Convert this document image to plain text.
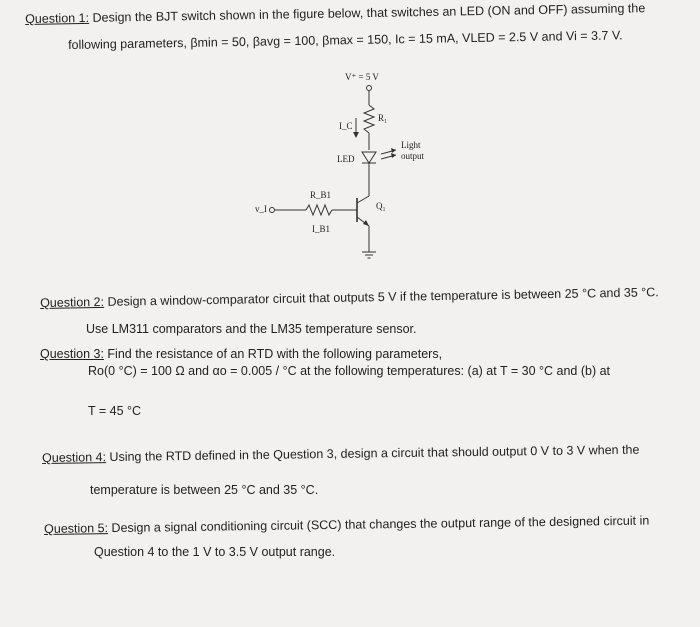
Question 1: Design the BJT switch shown in the figure below, that switches an LED (ON and OFF) assuming the
following parameters, βmin = 50, βavg = 100, βmax = 150, Ic = 15 mA, VLED = 2.5 V and Vi = 3.7 V.
V⁺ = 5 V
R₁
I_C
LED
Light
output
R_B1
v_I
I_B1
Q₁
Question 2: Design a window-comparator circuit that outputs 5 V if the temperature is between 25 °C and 35 °C.
Use LM311 comparators and the LM35 temperature sensor.
Question 3: Find the resistance of an RTD with the following parameters,
Ro(0 °C) = 100 Ω and αo = 0.005 / °C at the following temperatures: (a) at T = 30 °C and (b) at
T = 45 °C
Question 4: Using the RTD defined in the Question 3, design a circuit that should output 0 V to 3 V when the
temperature is between 25 °C and 35 °C.
Question 5: Design a signal conditioning circuit (SCC) that changes the output range of the designed circuit in
Question 4 to the 1 V to 3.5 V output range.
